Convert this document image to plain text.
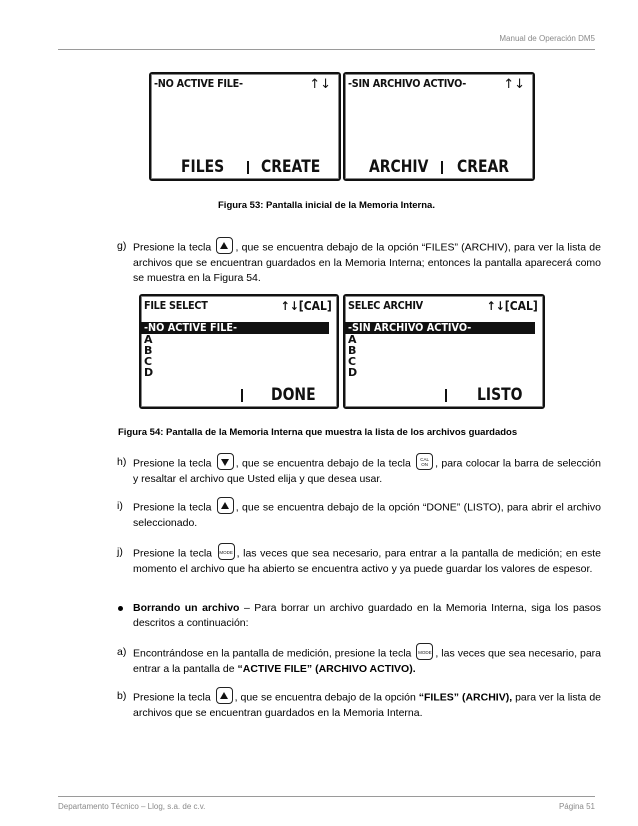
Manual de Operación DM5
-NO ACTIVE FILE-	↑↓
FILES CREATE
-SIN ARCHIVO ACTIVO-	↑↓
ARCHIV CREAR
Figura 53: Pantalla inicial de la Memoria Interna.
g) Presione la tecla , que se encuentra debajo de la opción “FILES” (ARCHIV), para ver la lista de archivos que se encuentran guardados en la Memoria Interna; entonces la pantalla aparecerá como se muestra en la Figura 54.
FILE SELECT	↑↓[CAL]
-NO ACTIVE FILE-
A
B
C
D
DONE
SELEC ARCHIV	↑↓[CAL]
-SIN ARCHIVO ACTIVO-
A
B
C
D
LISTO
Figura 54: Pantalla de la Memoria Interna que muestra la lista de los archivos guardados
h) Presione la tecla , que se encuentra debajo de la tecla CAL
ON , para colocar la barra de selección y resaltar el archivo que Usted elija y que desea usar.
i) Presione la tecla , que se encuentra debajo de la opción “DONE” (LISTO), para abrir el archivo seleccionado.
j) Presione la tecla MODE , las veces que sea necesario, para entrar a la pantalla de medición; en este momento el archivo que ha abierto se encuentra activo y ya puede guardar los valores de espesor.
Borrando un archivo – Para borrar un archivo guardado en la Memoria Interna, siga los pasos descritos a continuación:
a) Encontrándose en la pantalla de medición, presione la tecla MODE , las veces que sea necesario, para entrar a la pantalla de “ACTIVE FILE” (ARCHIVO ACTIVO).
b) Presione la tecla , que se encuentra debajo de la opción “FILES” (ARCHIV), para ver la lista de archivos que se encuentran guardados en la Memoria Interna.
Departamento Técnico – Llog, s.a. de c.v.	Página 51
